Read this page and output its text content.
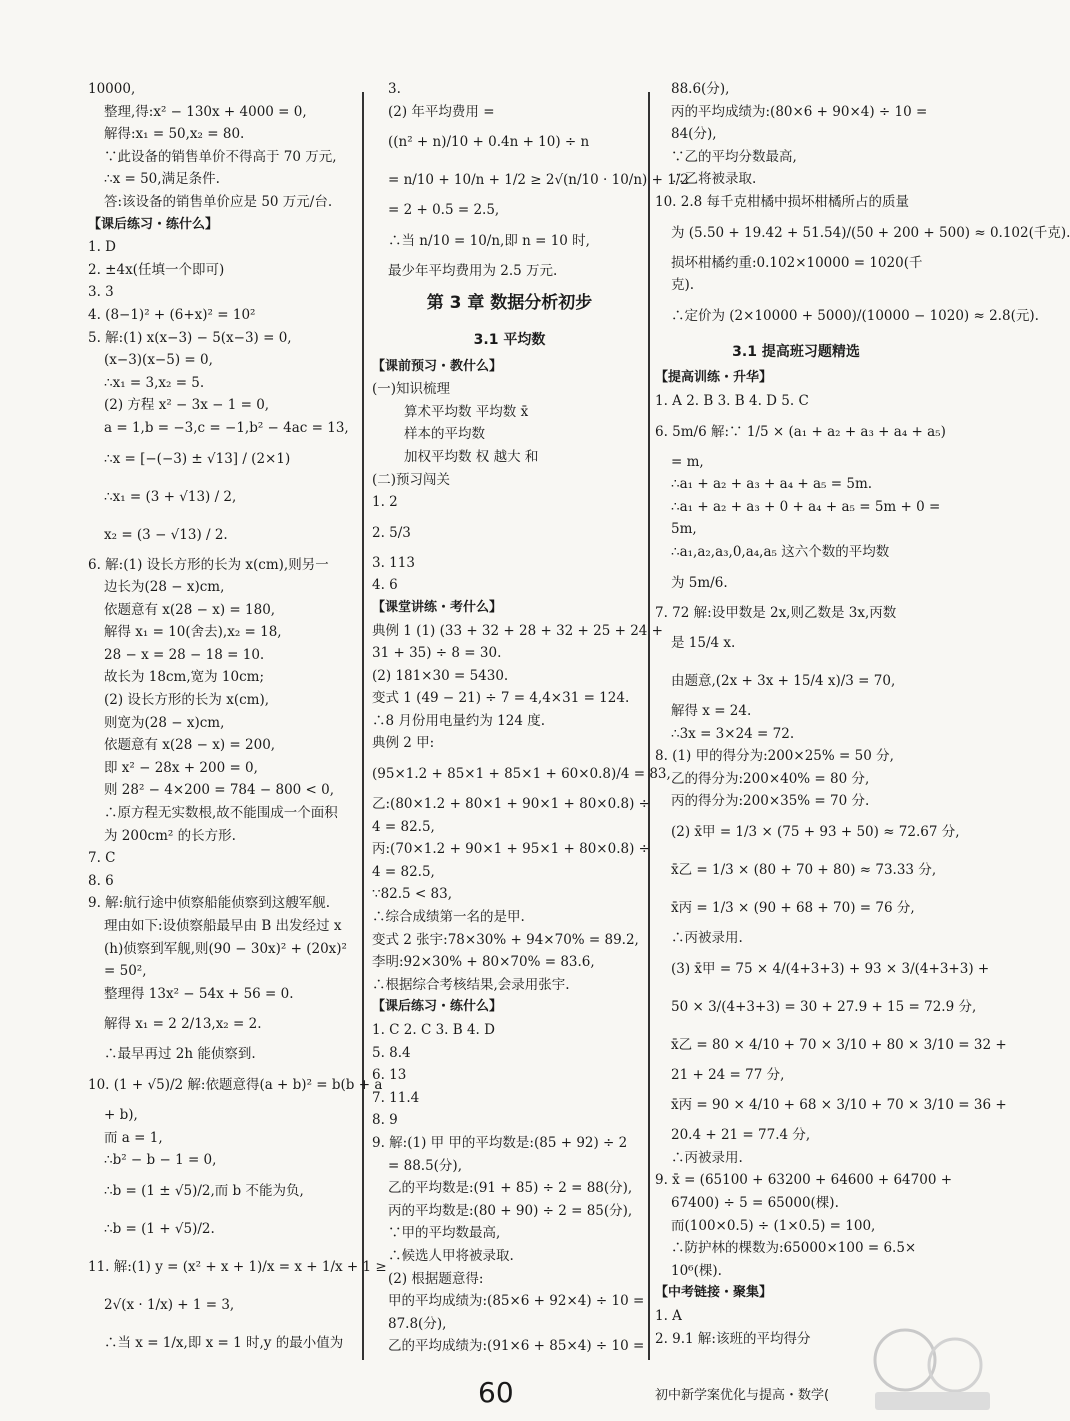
10000,
整理,得:x² − 130x + 4000 = 0,
解得:x₁ = 50,x₂ = 80.
∵此设备的销售单价不得高于 70 万元,
∴x = 50,满足条件.
答:该设备的销售单价应是 50 万元/台.
【课后练习・练什么】
1. D
2. ±4x(任填一个即可)
3. 3
4. (8−1)² + (6+x)² = 10²
5. 解:(1) x(x−3) − 5(x−3) = 0,
(x−3)(x−5) = 0,
∴x₁ = 3,x₂ = 5.
(2) 方程 x² − 3x − 1 = 0,
a = 1,b = −3,c = −1,b² − 4ac = 13,
∴x = [−(−3) ± √13] / (2×1)
∴x₁ = (3 + √13) / 2,
x₂ = (3 − √13) / 2.
6. 解:(1) 设长方形的长为 x(cm),则另一
边长为(28 − x)cm,
依题意有 x(28 − x) = 180,
解得 x₁ = 10(舍去),x₂ = 18,
28 − x = 28 − 18 = 10.
故长为 18cm,宽为 10cm;
(2) 设长方形的长为 x(cm),
则宽为(28 − x)cm,
依题意有 x(28 − x) = 200,
即 x² − 28x + 200 = 0,
则 28² − 4×200 = 784 − 800 < 0,
∴原方程无实数根,故不能围成一个面积
为 200cm² 的长方形.
7. C
8. 6
9. 解:航行途中侦察船能侦察到这艘军舰.
理由如下:设侦察船最早由 B 出发经过 x
(h)侦察到军舰,则(90 − 30x)² + (20x)²
= 50²,
整理得 13x² − 54x + 56 = 0.
解得 x₁ = 2 2/13,x₂ = 2.
∴最早再过 2h 能侦察到.
10. (1 + √5)/2 解:依题意得(a + b)² = b(b + a
+ b),
而 a = 1,
∴b² − b − 1 = 0,
∴b = (1 ± √5)/2,而 b 不能为负,
∴b = (1 + √5)/2.
11. 解:(1) y = (x² + x + 1)/x = x + 1/x + 1 ≥
2√(x · 1/x) + 1 = 3,
∴当 x = 1/x,即 x = 1 时,y 的最小值为
3.
(2) 年平均费用 =
((n² + n)/10 + 0.4n + 10) ÷ n
= n/10 + 10/n + 1/2 ≥ 2√(n/10 · 10/n) + 1/2
= 2 + 0.5 = 2.5,
∴当 n/10 = 10/n,即 n = 10 时,
最少年平均费用为 2.5 万元.
第 3 章 数据分析初步
3.1 平均数
【课前预习・教什么】
(一)知识梳理
算术平均数 平均数 x̄
样本的平均数
加权平均数 权 越大 和
(二)预习闯关
1. 2
2. 5/3
3. 113
4. 6
【课堂讲练・考什么】
典例 1 (1) (33 + 32 + 28 + 32 + 25 + 24 +
31 + 35) ÷ 8 = 30.
(2) 181×30 = 5430.
变式 1 (49 − 21) ÷ 7 = 4,4×31 = 124.
∴8 月份用电量约为 124 度.
典例 2 甲:
(95×1.2 + 85×1 + 85×1 + 60×0.8)/4 = 83,
乙:(80×1.2 + 80×1 + 90×1 + 80×0.8) ÷
4 = 82.5,
丙:(70×1.2 + 90×1 + 95×1 + 80×0.8) ÷
4 = 82.5,
∵82.5 < 83,
∴综合成绩第一名的是甲.
变式 2 张宇:78×30% + 94×70% = 89.2,
李明:92×30% + 80×70% = 83.6,
∴根据综合考核结果,会录用张宇.
【课后练习・练什么】
1. C 2. C 3. B 4. D
5. 8.4
6. 13
7. 11.4
8. 9
9. 解:(1) 甲 甲的平均数是:(85 + 92) ÷ 2
= 88.5(分),
乙的平均数是:(91 + 85) ÷ 2 = 88(分),
丙的平均数是:(80 + 90) ÷ 2 = 85(分),
∵甲的平均数最高,
∴候选人甲将被录取.
(2) 根据题意得:
甲的平均成绩为:(85×6 + 92×4) ÷ 10 =
87.8(分),
乙的平均成绩为:(91×6 + 85×4) ÷ 10 =
88.6(分),
丙的平均成绩为:(80×6 + 90×4) ÷ 10 =
84(分),
∵乙的平均分数最高,
∴乙将被录取.
10. 2.8 每千克柑橘中损坏柑橘所占的质量
为 (5.50 + 19.42 + 51.54)/(50 + 200 + 500) ≈ 0.102(千克).
损坏柑橘约重:0.102×10000 = 1020(千
克).
∴定价为 (2×10000 + 5000)/(10000 − 1020) ≈ 2.8(元).
3.1 提高班习题精选
【提高训练・升华】
1. A 2. B 3. B 4. D 5. C
6. 5m/6 解:∵ 1/5 × (a₁ + a₂ + a₃ + a₄ + a₅)
= m,
∴a₁ + a₂ + a₃ + a₄ + a₅ = 5m.
∴a₁ + a₂ + a₃ + 0 + a₄ + a₅ = 5m + 0 =
5m,
∴a₁,a₂,a₃,0,a₄,a₅ 这六个数的平均数
为 5m/6.
7. 72 解:设甲数是 2x,则乙数是 3x,丙数
是 15/4 x.
由题意,(2x + 3x + 15/4 x)/3 = 70,
解得 x = 24.
∴3x = 3×24 = 72.
8. (1) 甲的得分为:200×25% = 50 分,
乙的得分为:200×40% = 80 分,
丙的得分为:200×35% = 70 分.
(2) x̄甲 = 1/3 × (75 + 93 + 50) ≈ 72.67 分,
x̄乙 = 1/3 × (80 + 70 + 80) ≈ 73.33 分,
x̄丙 = 1/3 × (90 + 68 + 70) = 76 分,
∴丙被录用.
(3) x̄甲 = 75 × 4/(4+3+3) + 93 × 3/(4+3+3) +
50 × 3/(4+3+3) = 30 + 27.9 + 15 = 72.9 分,
x̄乙 = 80 × 4/10 + 70 × 3/10 + 80 × 3/10 = 32 +
21 + 24 = 77 分,
x̄丙 = 90 × 4/10 + 68 × 3/10 + 70 × 3/10 = 36 +
20.4 + 21 = 77.4 分,
∴丙被录用.
9. x̄ = (65100 + 63200 + 64600 + 64700 +
67400) ÷ 5 = 65000(棵).
而(100×0.5) ÷ (1×0.5) = 100,
∴防护林的棵数为:65000×100 = 6.5×
10⁶(棵).
【中考链接・聚集】
1. A
2. 9.1 解:该班的平均得分
60	初中新学案优化与提高・数学(
